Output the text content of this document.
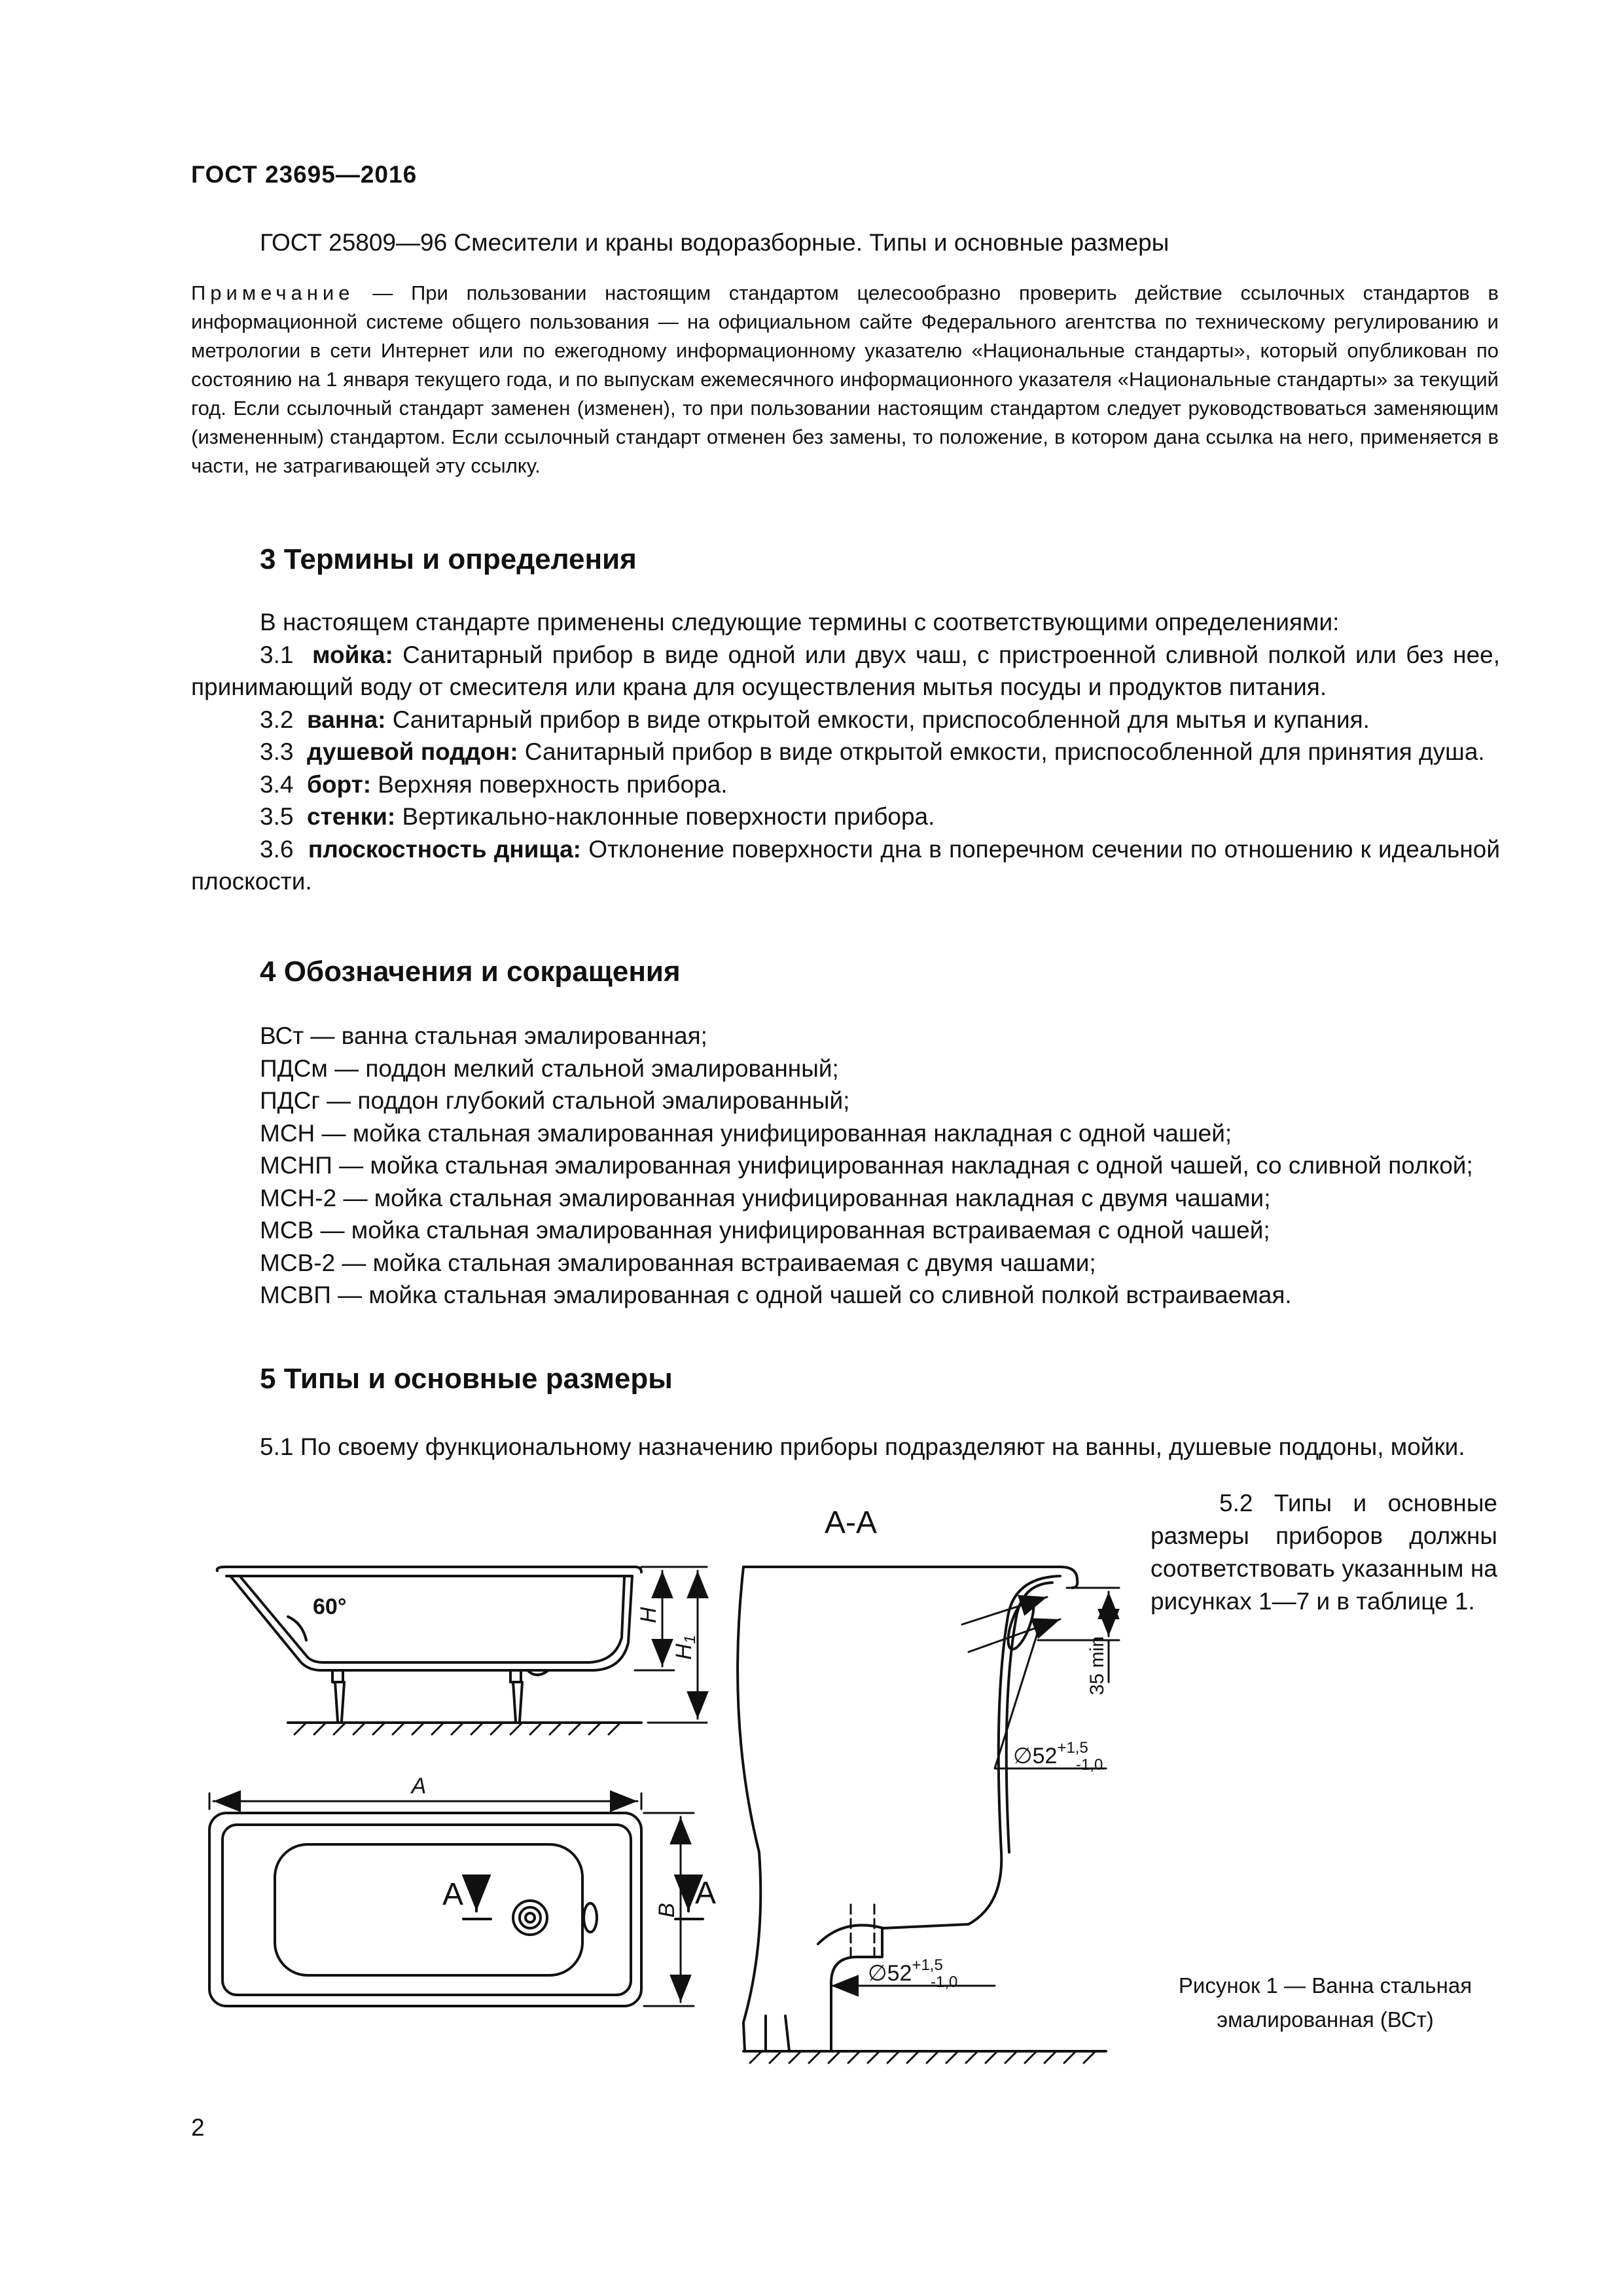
ГОСТ 23695—2016
ГОСТ 25809—96 Смесители и краны водоразборные. Типы и основные размеры
Примечание — При пользовании настоящим стандартом целесообразно проверить действие ссылочных стандартов в информационной системе общего пользования — на официальном сайте Федерального агентства по техническому регулированию и метрологии в сети Интернет или по ежегодному информационному указателю «Национальные стандарты», который опубликован по состоянию на 1 января текущего года, и по выпускам ежемесячного информационного указателя «Национальные стандарты» за текущий год. Если ссылочный стандарт заменен (изменен), то при пользовании настоящим стандартом следует руководствоваться заменяющим (измененным) стандартом. Если ссылочный стандарт отменен без замены, то положение, в котором дана ссылка на него, применяется в части, не затрагивающей эту ссылку.
3 Термины и определения

В настоящем стандарте применены следующие термины с соответствующими определениями:

3.1 мойка: Санитарный прибор в виде одной или двух чаш, с пристроенной сливной полкой или без нее, принимающий воду от смесителя или крана для осуществления мытья посуды и продуктов питания.

3.2 ванна: Санитарный прибор в виде открытой емкости, приспособленной для мытья и купания.

3.3 душевой поддон: Санитарный прибор в виде открытой емкости, приспособленной для принятия душа.

3.4 борт: Верхняя поверхность прибора.

3.5 стенки: Вертикально-наклонные поверхности прибора.

3.6 плоскостность днища: Отклонение поверхности дна в поперечном сечении по отношению к идеальной плоскости.

4 Обозначения и сокращения

ВСт — ванна стальная эмалированная;

ПДСм — поддон мелкий стальной эмалированный;

ПДСг — поддон глубокий стальной эмалированный;

МСН — мойка стальная эмалированная унифицированная накладная с одной чашей;

МСНП — мойка стальная эмалированная унифицированная накладная с одной чашей, со сливной полкой;

МСН-2 — мойка стальная эмалированная унифицированная накладная с двумя чашами;

МСВ — мойка стальная эмалированная унифицированная встраиваемая с одной чашей;

МСВ-2 — мойка стальная эмалированная встраиваемая с двумя чашами;

МСВП — мойка стальная эмалированная с одной чашей со сливной полкой встраиваемая.

5 Типы и основные размеры

5.1 По своему функциональному назначению приборы подразделяют на ванны, душевые поддоны, мойки.

5.2 Типы и основные размеры приборов должны соответствовать указанным на рисунках 1—7 и в таблице 1.

А-А
60°	H
H1
A
B
А	А
35 min
$\emptyset 52^{+1,5}$
-1,0
$\emptyset 52^{+1,5}$
-1,0	Рисунок 1 — Ванна стальная
эмалированная (ВСт)
2
